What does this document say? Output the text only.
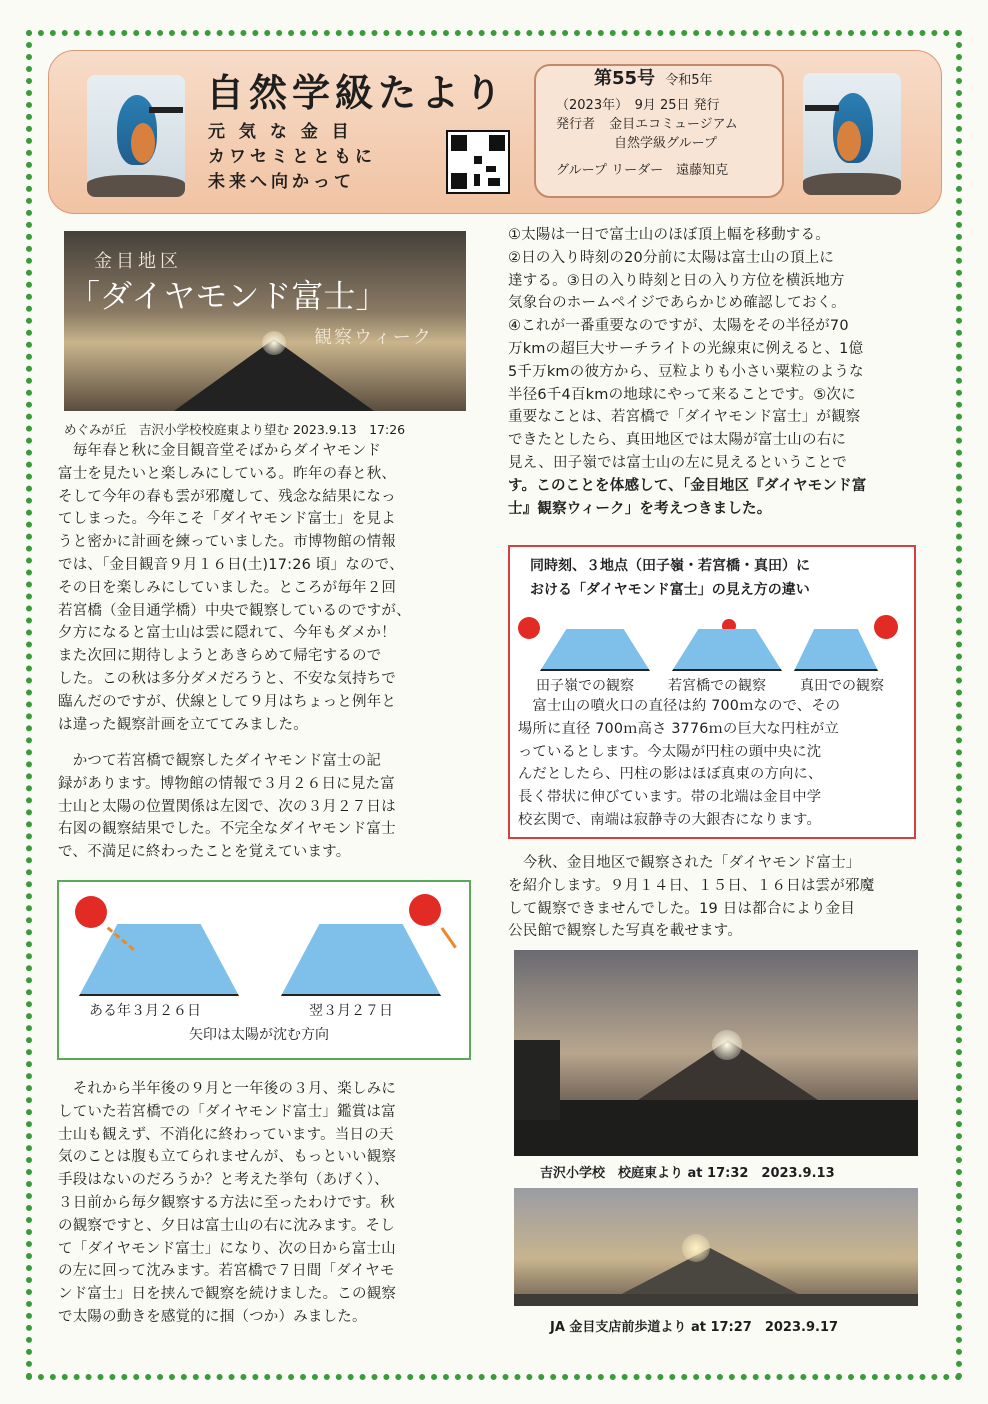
自然学級たより
元 気 な 金 目
カワセミとともに
未来へ向かって
第55号 令和5年
（2023年）　9月 25日 発行
発行者 金目エコミュージアム
自然学級グループ
グループ リーダー　遠藤知克
金目地区
「ダイヤモンド富士」
観察ウィーク
めぐみが丘　吉沢小学校校庭東より望む 2023.9.13　17:26
　毎年春と秋に金目観音堂そばからダイヤモンド
富士を見たいと楽しみにしている。昨年の春と秋、
そして今年の春も雲が邪魔して、残念な結果になっ
てしまった。今年こそ「ダイヤモンド富士」を見よ
うと密かに計画を練っていました。市博物館の情報
では、「金目観音９月１６日(土)17:26 頃」なので、
その日を楽しみにしていました。ところが毎年２回
若宮橋（金目通学橋）中央で観察しているのですが、
夕方になると富士山は雲に隠れて、今年もダメか！
また次回に期待しようとあきらめて帰宅するので
した。この秋は多分ダメだろうと、不安な気持ちで
臨んだのですが、伏線として９月はちょっと例年と
は違った観察計画を立ててみました。
　かつて若宮橋で観察したダイヤモンド富士の記
録があります。博物館の情報で３月２６日に見た富
士山と太陽の位置関係は左図で、次の３月２７日は
右図の観察結果でした。不完全なダイヤモンド富士
で、不満足に終わったことを覚えています。
ある年３月２６日	翌３月２７日
矢印は太陽が沈む方向
　それから半年後の９月と一年後の３月、楽しみに
していた若宮橋での「ダイヤモンド富士」鑑賞は富
士山も観えず、不消化に終わっています。当日の天
気のことは腹も立てられませんが、もっといい観察
手段はないのだろうか？と考えた挙句（あげく）、
３日前から毎夕観察する方法に至ったわけです。秋
の観察ですと、夕日は富士山の右に沈みます。そし
て「ダイヤモンド富士」になり、次の日から富士山
の左に回って沈みます。若宮橋で７日間「ダイヤモ
ンド富士」日を挟んで観察を続けました。この観察
で太陽の動きを感覚的に掴（つか）みました。
①太陽は一日で富士山のほぼ頂上幅を移動する。
②日の入り時刻の20分前に太陽は富士山の頂上に
達する。③日の入り時刻と日の入り方位を横浜地方
気象台のホームペイジであらかじめ確認しておく。
④これが一番重要なのですが、太陽をその半径が70
万kmの超巨大サーチライトの光線束に例えると、1億
5千万kmの彼方から、豆粒よりも小さい粟粒のような
半径6千4百kmの地球にやって来ることです。⑤次に
重要なことは、若宮橋で「ダイヤモンド富士」が観察
できたとしたら、真田地区では太陽が富士山の右に
見え、田子嶺では富士山の左に見えるということで
す。このことを体感して、「金目地区『ダイヤモンド富
士』観察ウィーク」を考えつきました。
同時刻、３地点（田子嶺・若宮橋・真田）に
おける「ダイヤモンド富士」の見え方の違い
田子嶺での観察 若宮橋での観察 真田での観察
　富士山の噴火口の直径は約 700ｍなので、その
場所に直径 700ｍ高さ 3776ｍの巨大な円柱が立
っているとします。今太陽が円柱の頭中央に沈
んだとしたら、円柱の影はほぼ真東の方向に、
長く帯状に伸びています。帯の北端は金目中学
校玄関で、南端は寂静寺の大銀杏になります。
　今秋、金目地区で観察された「ダイヤモンド富士」
を紹介します。９月１４日、１５日、１６日は雲が邪魔
して観察できませんでした。19 日は都合により金目
公民館で観察した写真を載せます。
吉沢小学校　校庭東より at 17:32　2023.9.13
JA 金目支店前歩道より at 17:27　2023.9.17
